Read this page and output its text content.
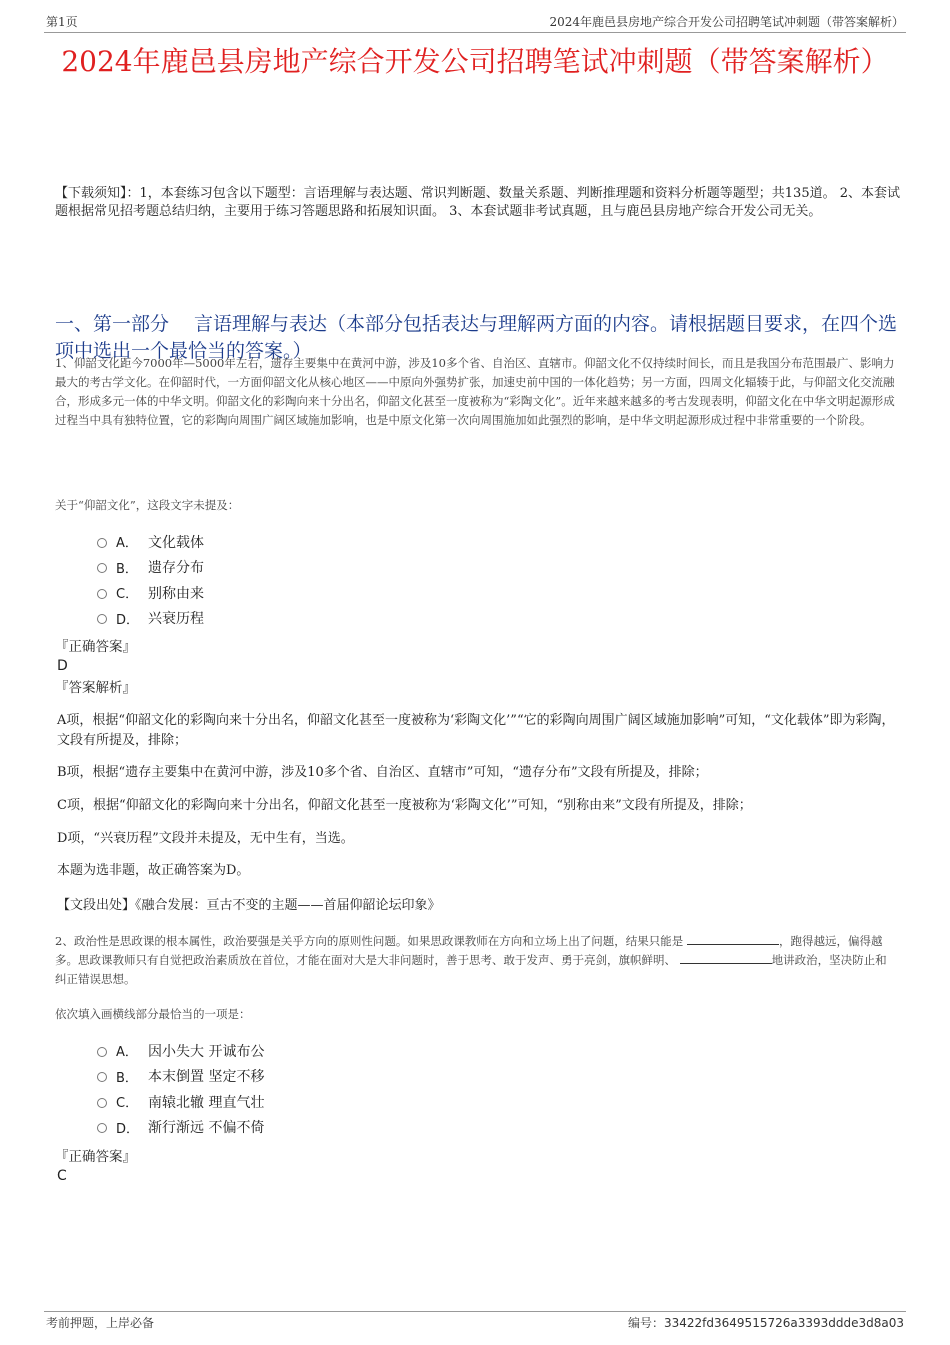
第1页	2024年鹿邑县房地产综合开发公司招聘笔试冲刺题（带答案解析）
2024年鹿邑县房地产综合开发公司招聘笔试冲刺题（带答案解析）

【下载须知】：1，本套练习包含以下题型：言语理解与表达题、常识判断题、数量关系题、判断推理题和资料分析题等题型；共135道。 2、本套试题根据常见招考题总结归纳，主要用于练习答题思路和拓展知识面。 3、本套试题非考试真题，且与鹿邑县房地产综合开发公司无关。

一、第一部分　 言语理解与表达（本部分包括表达与理解两方面的内容。请根据题目要求，在四个选项中选出一个最恰当的答案。）

1、仰韶文化距今7000年—5000年左右，遗存主要集中在黄河中游，涉及10多个省、自治区、直辖市。仰韶文化不仅持续时间长，而且是我国分布范围最广、影响力最大的考古学文化。在仰韶时代，一方面仰韶文化从核心地区——中原向外强势扩张，加速史前中国的一体化趋势；另一方面，四周文化辐辏于此，与仰韶文化交流融合，形成多元一体的中华文明。仰韶文化的彩陶向来十分出名，仰韶文化甚至一度被称为“彩陶文化”。近年来越来越多的考古发现表明，仰韶文化在中华文明起源形成过程当中具有独特位置，它的彩陶向周围广阔区域施加影响，也是中原文化第一次向周围施加如此强烈的影响，是中华文明起源形成过程中非常重要的一个阶段。

关于“仰韶文化”，这段文字未提及：

A． 文化载体
B． 遗存分布
C． 别称由来
D． 兴衰历程

『正确答案』

D

『答案解析』

A项，根据“仰韶文化的彩陶向来十分出名，仰韶文化甚至一度被称为‘彩陶文化’”“它的彩陶向周围广阔区域施加影响”可知，“文化载体”即为彩陶，文段有所提及，排除；

B项，根据“遗存主要集中在黄河中游，涉及10多个省、自治区、直辖市”可知，“遗存分布”文段有所提及，排除；

C项，根据“仰韶文化的彩陶向来十分出名，仰韶文化甚至一度被称为‘彩陶文化’”可知，“别称由来”文段有所提及，排除；

D项，“兴衰历程”文段并未提及，无中生有，当选。

本题为选非题，故正确答案为D。

【文段出处】《融合发展：亘古不变的主题——首届仰韶论坛印象》

2、政治性是思政课的根本属性，政治要强是关乎方向的原则性问题。如果思政课教师在方向和立场上出了问题，结果只能是	，跑得越远，偏得越多。思政课教师只有自觉把政治素质放在首位，才能在面对大是大非问题时，善于思考、敢于发声、勇于亮剑，旗帜鲜明、	地讲政治，坚决防止和纠正错误思想。

依次填入画横线部分最恰当的一项是：

A． 因小失大 开诚布公
B． 本末倒置 坚定不移
C． 南辕北辙 理直气壮
D． 渐行渐远 不偏不倚

『正确答案』

C

考前押题，上岸必备	编号：33422fd3649515726a3393ddde3d8a03
